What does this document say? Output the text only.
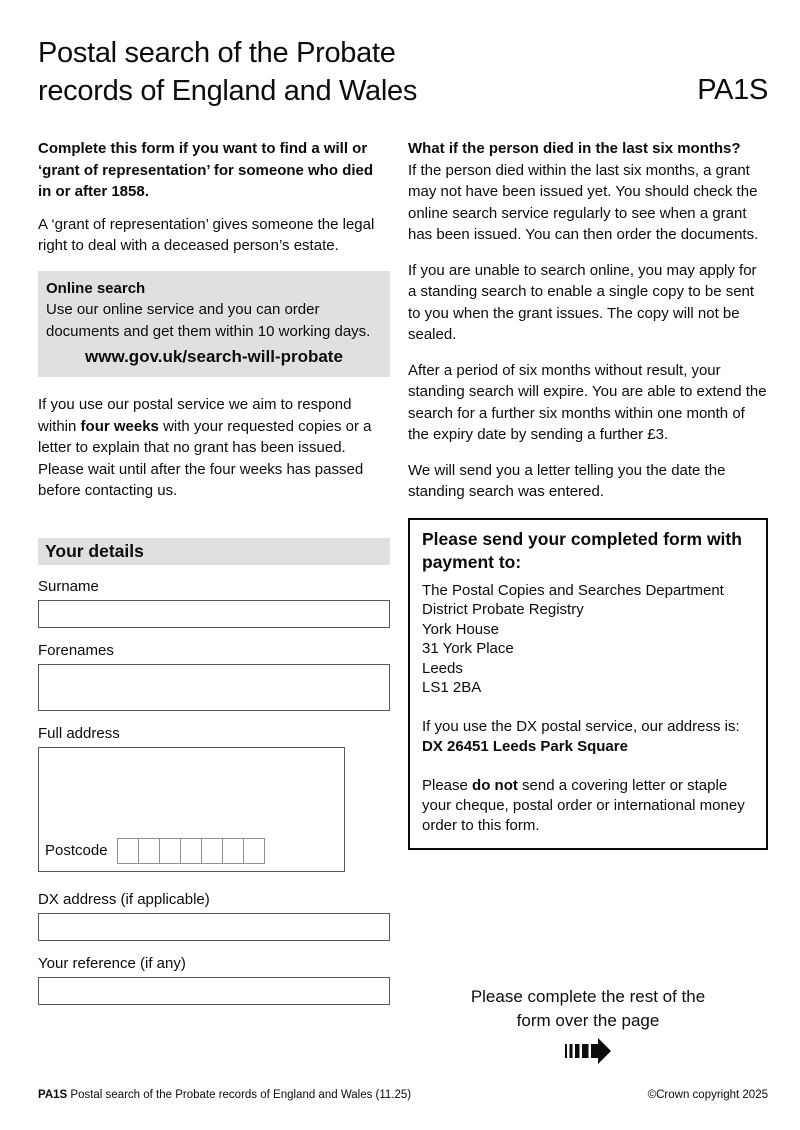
Postal search of the Probate
records of England and Wales	PA1S

Complete this form if you want to find a will or ‘grant of representation’ for someone who died in or after 1858.

A ‘grant of representation’ gives someone the legal right to deal with a deceased person’s estate.

Online search
Use our online service and you can order documents and get them within 10 working days.
www.gov.uk/search-will-probate

If you use our postal service we aim to respond within four weeks with your requested copies or a letter to explain that no grant has been issued. Please wait until after the four weeks has passed before contacting us.

Your details
Surname
Forenames
Full address
Postcode
DX address (if applicable)
Your reference (if any)

What if the person died in the last six months?

If the person died within the last six months, a grant may not have been issued yet. You should check the online search service regularly to see when a grant has been issued. You can then order the documents.

If you are unable to search online, you may apply for a standing search to enable a single copy to be sent to you when the grant issues. The copy will not be sealed.

After a period of six months without result, your standing search will expire. You are able to extend the search for a further six months within one month of the expiry date by sending a further £3.

We will send you a letter telling you the date the standing search was entered.

Please send your completed form with payment to:
The Postal Copies and Searches Department
District Probate Registry
York House
31 York Place
Leeds
LS1 2BA
If you use the DX postal service, our address is: DX 26451 Leeds Park Square
Please do not send a covering letter or staple your cheque, postal order or international money order to this form.
Please complete the rest of the
form over the page
PA1S Postal search of the Probate records of England and Wales (11.25)	©Crown copyright 2025
